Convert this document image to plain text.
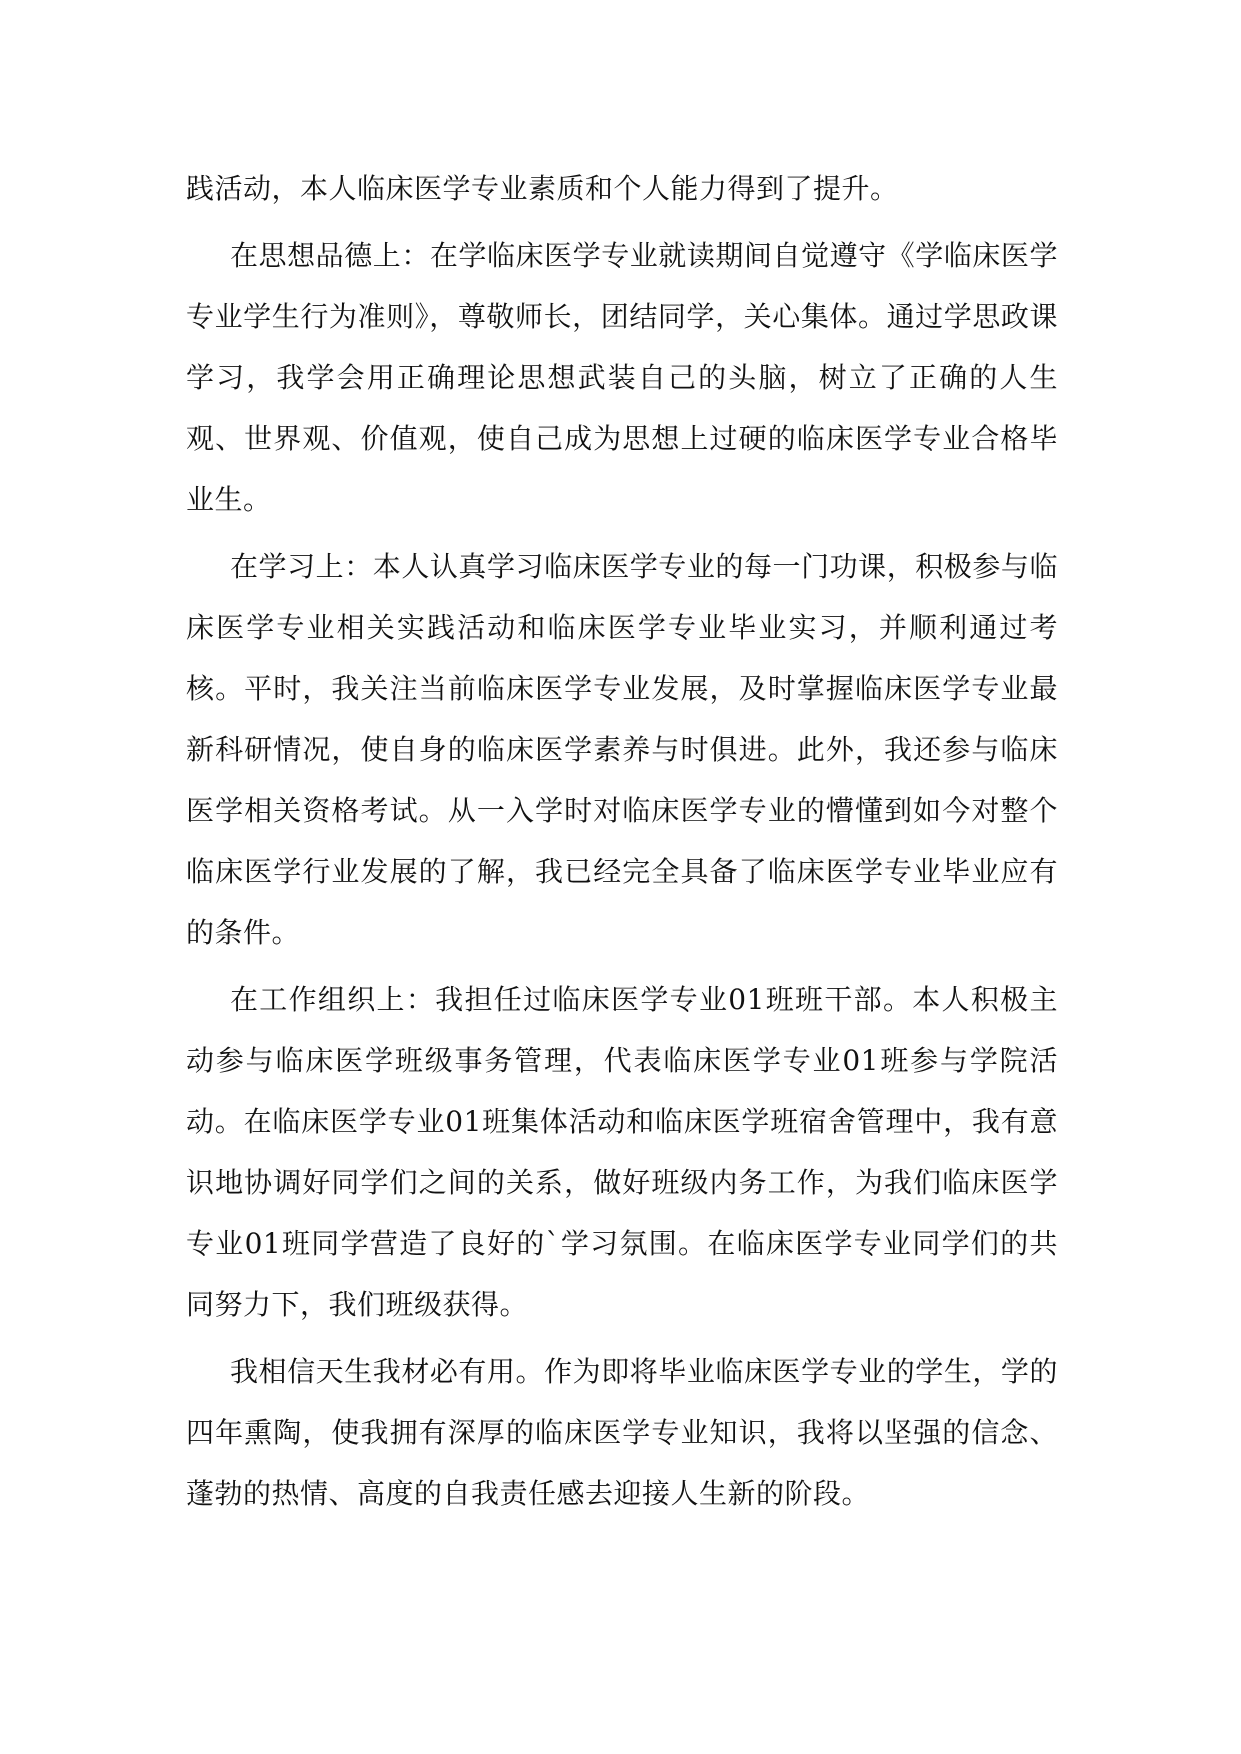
践活动，本人临床医学专业素质和个人能力得到了提升。

在思想品德上：在学临床医学专业就读期间自觉遵守《学临床医学专业学生行为准则》，尊敬师长，团结同学，关心集体。通过学思政课学习，我学会用正确理论思想武装自己的头脑，树立了正确的人生观、世界观、价值观，使自己成为思想上过硬的临床医学专业合格毕业生。

在学习上：本人认真学习临床医学专业的每一门功课，积极参与临床医学专业相关实践活动和临床医学专业毕业实习，并顺利通过考核。平时，我关注当前临床医学专业发展，及时掌握临床医学专业最新科研情况，使自身的临床医学素养与时俱进。此外，我还参与临床医学相关资格考试。从一入学时对临床医学专业的懵懂到如今对整个临床医学行业发展的了解，我已经完全具备了临床医学专业毕业应有的条件。

在工作组织上：我担任过临床医学专业01班班干部。本人积极主动参与临床医学班级事务管理，代表临床医学专业01班参与学院活动。在临床医学专业01班集体活动和临床医学班宿舍管理中，我有意识地协调好同学们之间的关系，做好班级内务工作，为我们临床医学专业01班同学营造了良好的`学习氛围。在临床医学专业同学们的共同努力下，我们班级获得。

我相信天生我材必有用。作为即将毕业临床医学专业的学生，学的四年熏陶，使我拥有深厚的临床医学专业知识，我将以坚强的信念、蓬勃的热情、高度的自我责任感去迎接人生新的阶段。
